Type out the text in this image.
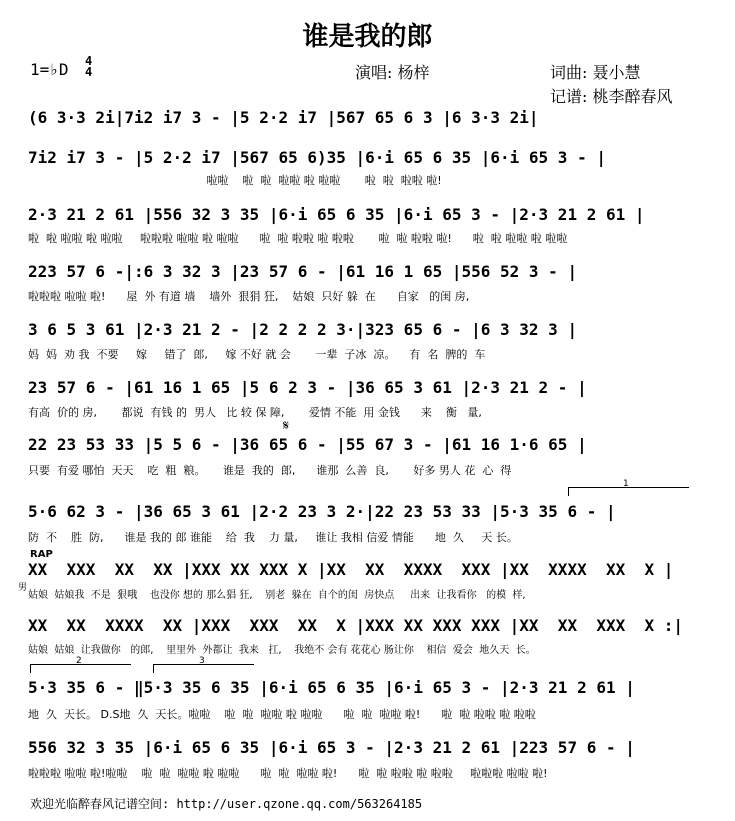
谁是我的郎
1=♭D 4
4	演唱: 杨梓	词曲: 聂小慧
记谱: 桃李醉春风
(6 3·3 2i|7i2 i7 3 - |5 2·2 i7 |567 65 6 3 |6 3·3 2i|
7i2 i7 3 - |5 2·2 i7 |567 65 6)35 |6·i 65 6 35 |6·i 65 3 - |
啦啦    啦  啦  啦啦 啦 啦啦       啦  啦  啦啦 啦!
2·3 21 2 61 |556 32 3 35 |6·i 65 6 35 |6·i 65 3 - |2·3 21 2 61 |
啦  啦 啦啦 啦 啦啦     啦啦啦 啦啦 啦 啦啦      啦  啦 啦啦 啦 啦啦       啦  啦 啦啦 啦!      啦  啦 啦啦 啦 啦啦
223 57 6 -|:6 3 32 3 |23 57 6 - |61 16 1 65 |556 52 3 - |
啦啦啦 啦啦 啦!      屋  外 有道 墙    墙外  狠狷 狂,    姑娘  只好 躲  在      自家   的闺 房,
3 6 5 3 61 |2·3 21 2 - |2 2 2 2 3·|323 65 6 - |6 3 32 3 |
妈  妈  劝 我  不要     嫁     错了  郎,     嫁 不好 就 会       一辈  子冰  凉。    有  名  脾的  车
23 57 6 - |61 16 1 65 |5 6 2 3 - |36 65 3 61 |2·3 21 2 - |
有高  价的 房,       都说  有钱 的  男人   比 较 保 障,       爱情 不能  用 金钱      来    衡   量,
𝄋
22 23 53 33 |5 5 6 - |36 65 6 - |55 67 3 - |61 16 1·6 65 |
只要  有爱 哪怕  天天    吃  粗  粮。     谁是  我的  郎,      谁那  么善  良,       好多 男人 花  心  得
1
5·6 62 3 - |36 65 3 61 |2·2 23 3 2·|22 23 53 33 |5·3 35 6 - |
防  不    胜  防,      谁是 我的 郎 谁能    给  我    力 量,     谁让 我相 信爱 情能      地  久     天 长。
RAP
男
XX  XXX  XX  XX |XXX XX XXX X |XX  XX  XXXX  XXX |XX  XXXX  XX  X |
姑娘  姑娘我  不是  狠哦    也没你 想的 那么猖 狂,    别老  躲在  自个的闺  房快点     出来  让我看你   的模  样,
XX  XX  XXXX  XX |XXX  XXX  XX  X |XXX XX XXX XXX |XX  XX  XXX  X :|
姑娘  姑娘  让我做你   的郎,    里里外  外都让  我来   扛,    我绝不 会有 花花心 肠让你    相信  爱会  地久天  长。
2	3
5·3 35 6 - ‖5·3 35 6 35 |6·i 65 6 35 |6·i 65 3 - |2·3 21 2 61 |
地  久  天长。 D.S地  久  天长。啦啦    啦  啦  啦啦 啦 啦啦      啦  啦  啦啦 啦!      啦  啦 啦啦 啦 啦啦
556 32 3 35 |6·i 65 6 35 |6·i 65 3 - |2·3 21 2 61 |223 57 6 - |
啦啦啦 啦啦 啦!啦啦    啦  啦  啦啦 啦 啦啦      啦  啦  啦啦 啦!      啦  啦 啦啦 啦 啦啦     啦啦啦 啦啦 啦!
欢迎光临醉春风记谱空间: http://user.qzone.qq.com/563264185
